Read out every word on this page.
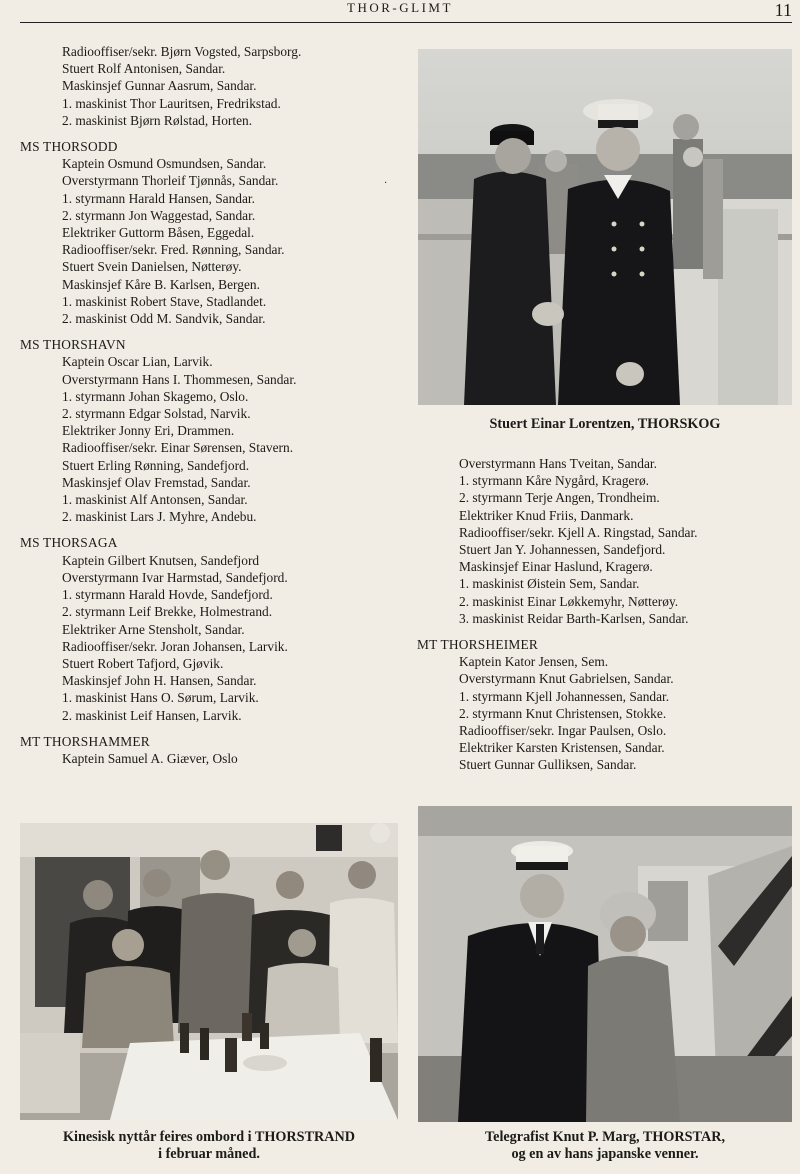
THOR-GLIMT	11
Radiooffiser/sekr. Bjørn Vogsted, Sarpsborg.
Stuert Rolf Antonisen, Sandar.
Maskinsjef Gunnar Aasrum, Sandar.
1. maskinist Thor Lauritsen, Fredrikstad.
2. maskinist Bjørn Rølstad, Horten.
MS THORSODD
Kaptein Osmund Osmundsen, Sandar.
Overstyrmann Thorleif Tjønnås, Sandar.
1. styrmann Harald Hansen, Sandar.
2. styrmann Jon Waggestad, Sandar.
Elektriker Guttorm Båsen, Eggedal.
Radiooffiser/sekr. Fred. Rønning, Sandar.
Stuert Svein Danielsen, Nøtterøy.
Maskinsjef Kåre B. Karlsen, Bergen.
1. maskinist Robert Stave, Stadlandet.
2. maskinist Odd M. Sandvik, Sandar.
MS THORSHAVN
Kaptein Oscar Lian, Larvik.
Overstyrmann Hans I. Thommesen, Sandar.
1. styrmann Johan Skagemo, Oslo.
2. styrmann Edgar Solstad, Narvik.
Elektriker Jonny Eri, Drammen.
Radiooffiser/sekr. Einar Sørensen, Stavern.
Stuert Erling Rønning, Sandefjord.
Maskinsjef Olav Fremstad, Sandar.
1. maskinist Alf Antonsen, Sandar.
2. maskinist Lars J. Myhre, Andebu.
MS THORSAGA
Kaptein Gilbert Knutsen, Sandefjord
Overstyrmann Ivar Harmstad, Sandefjord.
1. styrmann Harald Hovde, Sandefjord.
2. styrmann Leif Brekke, Holmestrand.
Elektriker Arne Stensholt, Sandar.
Radiooffiser/sekr. Joran Johansen, Larvik.
Stuert Robert Tafjord, Gjøvik.
Maskinsjef John H. Hansen, Sandar.
1. maskinist Hans O. Sørum, Larvik.
2. maskinist Leif Hansen, Larvik.
MT THORSHAMMER
Kaptein Samuel A. Giæver, Oslo
Overstyrmann Hans Tveitan, Sandar.
1. styrmann Kåre Nygård, Kragerø.
2. styrmann Terje Angen, Trondheim.
Elektriker Knud Friis, Danmark.
Radiooffiser/sekr. Kjell A. Ringstad, Sandar.
Stuert Jan Y. Johannessen, Sandefjord.
Maskinsjef Einar Haslund, Kragerø.
1. maskinist Øistein Sem, Sandar.
2. maskinist Einar Løkkemyhr, Nøtterøy.
3. maskinist Reidar Barth-Karlsen, Sandar.
MT THORSHEIMER
Kaptein Kator Jensen, Sem.
Overstyrmann Knut Gabrielsen, Sandar.
1. styrmann Kjell Johannessen, Sandar.
2. styrmann Knut Christensen, Stokke.
Radiooffiser/sekr. Ingar Paulsen, Oslo.
Elektriker Karsten Kristensen, Sandar.
Stuert Gunnar Gulliksen, Sandar.
·
Stuert Einar Lorentzen, THORSKOG
Kinesisk nyttår feires ombord i THORSTRAND
i februar måned.
Telegrafist Knut P. Marg, THORSTAR,
og en av hans japanske venner.
